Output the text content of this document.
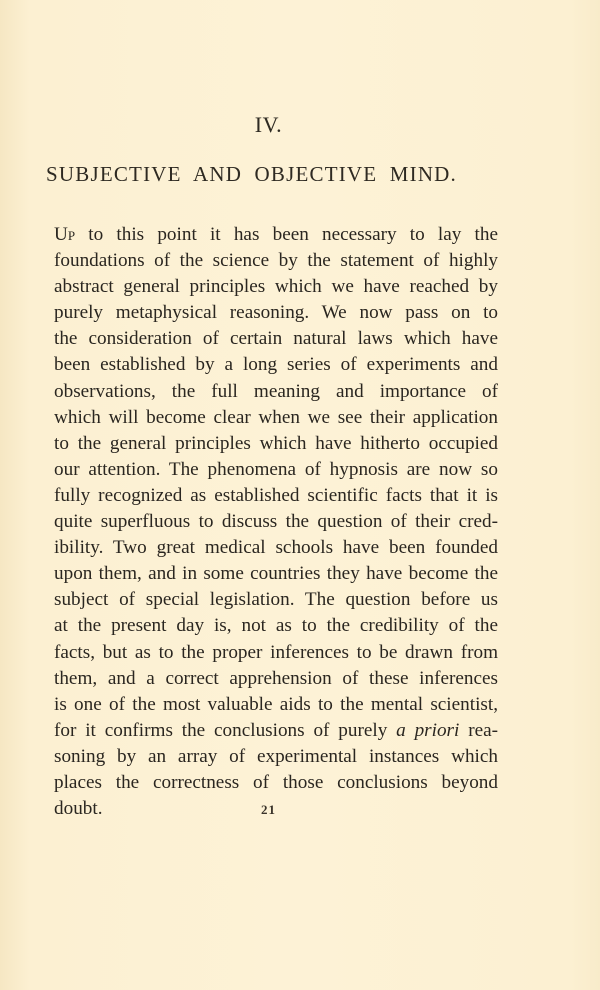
IV.
SUBJECTIVE AND OBJECTIVE MIND.
Up to this point it has been necessary to lay the
foundations of the science by the statement of highly
abstract general principles which we have reached by
purely metaphysical reasoning. We now pass on to
the consideration of certain natural laws which have
been established by a long series of experiments and
observations, the full meaning and importance of
which will become clear when we see their application
to the general principles which have hitherto occupied
our attention. The phenomena of hypnosis are now so
fully recognized as established scientific facts that it is
quite superfluous to discuss the question of their cred-
ibility. Two great medical schools have been founded
upon them, and in some countries they have become the
subject of special legislation. The question before us
at the present day is, not as to the credibility of the
facts, but as to the proper inferences to be drawn from
them, and a correct apprehension of these inferences
is one of the most valuable aids to the mental scientist,
for it confirms the conclusions of purely a priori rea-
soning by an array of experimental instances which
places the correctness of those conclusions beyond
doubt.	21
